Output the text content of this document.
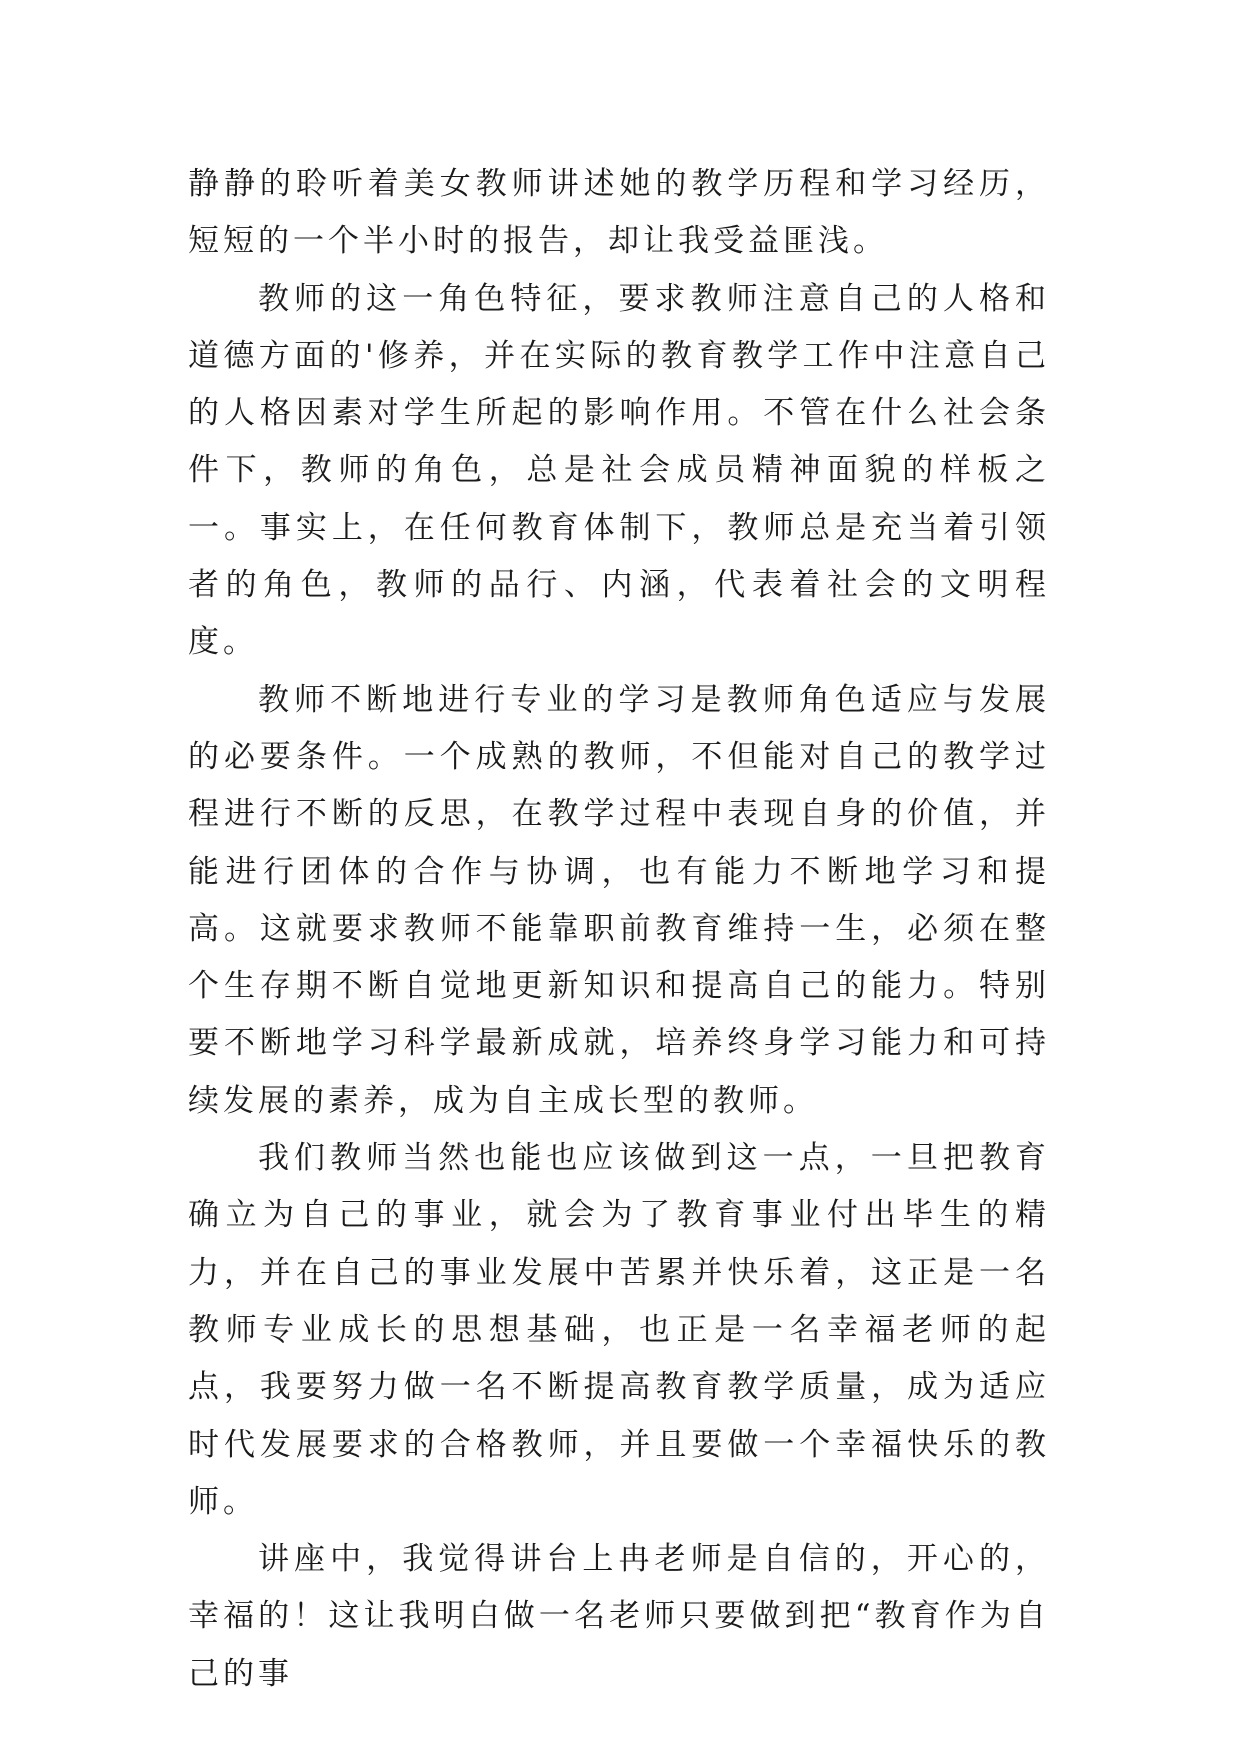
静静的聆听着美女教师讲述她的教学历程和学习经历，短短的一个半小时的报告，却让我受益匪浅。

教师的这一角色特征，要求教师注意自己的人格和道德方面的'修养，并在实际的教育教学工作中注意自己的人格因素对学生所起的影响作用。不管在什么社会条件下，教师的角色，总是社会成员精神面貌的样板之一。事实上，在任何教育体制下，教师总是充当着引领者的角色，教师的品行、内涵，代表着社会的文明程度。

教师不断地进行专业的学习是教师角色适应与发展的必要条件。一个成熟的教师，不但能对自己的教学过程进行不断的反思，在教学过程中表现自身的价值，并能进行团体的合作与协调，也有能力不断地学习和提高。这就要求教师不能靠职前教育维持一生，必须在整个生存期不断自觉地更新知识和提高自己的能力。特别要不断地学习科学最新成就，培养终身学习能力和可持续发展的素养，成为自主成长型的教师。

我们教师当然也能也应该做到这一点，一旦把教育确立为自己的事业，就会为了教育事业付出毕生的精力，并在自己的事业发展中苦累并快乐着，这正是一名教师专业成长的思想基础，也正是一名幸福老师的起点，我要努力做一名不断提高教育教学质量，成为适应时代发展要求的合格教师，并且要做一个幸福快乐的教师。

讲座中，我觉得讲台上冉老师是自信的，开心的，幸福的！这让我明白做一名老师只要做到把“教育作为自己的事
